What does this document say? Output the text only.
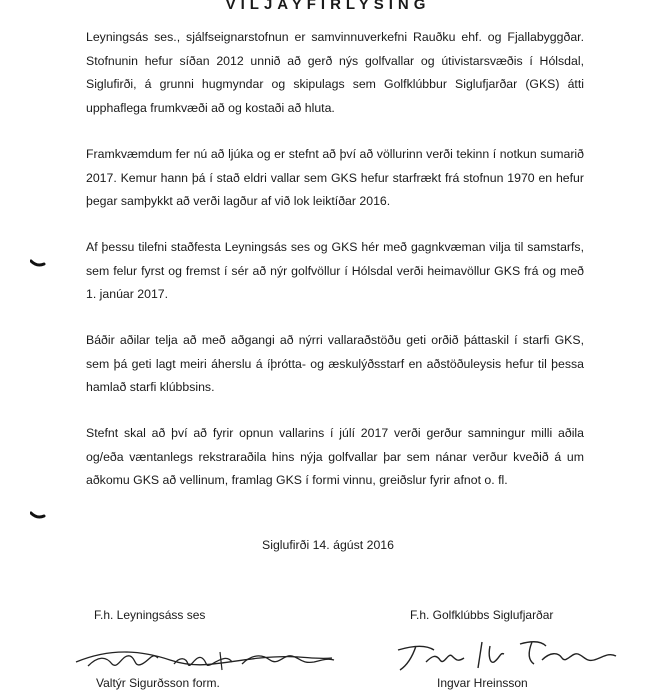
VILJAYFIRLYSING
Leyningsás ses., sjálfseignarstofnun er samvinnuverkefni Rauðku ehf. og Fjallabyggðar. Stofnunin hefur síðan 2012 unnið að gerð nýs golfvallar og útivistarsvæðis í Hólsdal, Siglufirði, á grunni hugmyndar og skipulags sem Golfklúbbur Siglufjarðar (GKS) átti upphaflega frumkvæði að og kostaði að hluta.
Framkvæmdum fer nú að ljúka og er stefnt að því að völlurinn verði tekinn í notkun sumarið 2017. Kemur hann þá í stað eldri vallar sem GKS hefur starfrækt frá stofnun 1970 en hefur þegar samþykkt að verði lagður af við lok leiktíðar 2016.
Af þessu tilefni staðfesta Leyningsás ses og GKS hér með gagnkvæman vilja til samstarfs, sem felur fyrst og fremst í sér að nýr golfvöllur í Hólsdal verði heimavöllur GKS frá og með 1. janúar 2017.
Báðir aðilar telja að með aðgangi að nýrri vallaraðstöðu geti orðið þáttaskil í starfi GKS, sem þá geti lagt meiri áherslu á íþrótta- og æskulýðsstarf en aðstöðuleysis hefur til þessa hamlað starfi klúbbsins.
Stefnt skal að því að fyrir opnun vallarins í júlí 2017 verði gerður samningur milli aðila og/eða væntanlegs rekstraraðila hins nýja golfvallar þar sem nánar verður kveðið á um aðkomu GKS að vellinum, framlag GKS í formi vinnu, greiðslur fyrir afnot o. fl.
Siglufirði 14. ágúst 2016
F.h. Leyningsáss ses	F.h. Golfklúbbs Siglufjarðar
Valtýr Sigurðsson form.	Ingvar Hreinsson
